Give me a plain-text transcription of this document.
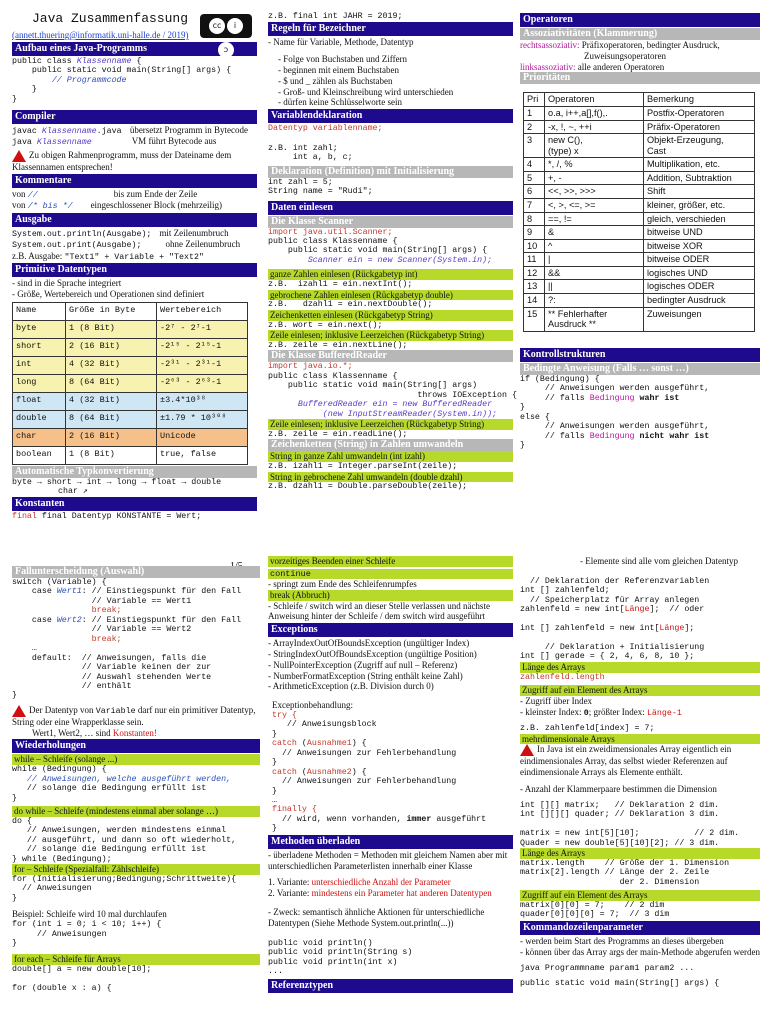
Java Zusammenfassung
(annett.thuering@informatik.uni-halle.de / 2019)
Aufbau eines Java-Programms
public class Klassenname {
public static void main(String[] args) {
// Programmcode
}
}
Compiler
javac Klassenname.java übersetzt Programm in Bytecode
java Klassenname	VM führt Bytecode aus
Zu obigen Rahmenprogramm, muss der Dateiname dem Klassennamen entsprechen!
Kommentare
von //	bis zum Ende der Zeile
von /* bis */ eingeschlossener Block (mehrzeilig)
Ausgabe
System.out.println(Ausgabe); mit Zeilenumbruch
System.out.print(Ausgabe);	ohne Zeilenumbruch
z.B. Ausgabe: "Text1" + Variable + "Text2"
Primitive Datentypen
- sind in die Sprache integriert
- Größe, Wertebereich und Operationen sind definiert
Name	Größe in Byte	Wertebereich
byte	1 (8 Bit)	-2⁷ - 2⁷-1
short	2 (16 Bit)	-2¹⁵ - 2¹⁵-1
int	4 (32 Bit)	-2³¹ - 2³¹-1
long	8 (64 Bit)	-2⁶³ - 2⁶³-1
float	4 (32 Bit)	±3.4*10³⁸
double	8 (64 Bit)	±1.79 * 10³⁰⁸
char	2 (16 Bit)	Unicode
boolean	1 (8 Bit)	true, false
Automatische Typkonvertierung
byte → short → int → long → float → double
char ↗
Konstanten
final final Datentyp KONSTANTE = Wert;
cc iↄ
z.B. final int JAHR = 2019;
Regeln für Bezeichner
- Name für Variable, Methode, Datentyp
- Folge von Buchstaben und Ziffern
- beginnen mit einem Buchstaben
- $ und _ zählen als Buchstaben
- Groß- und Kleinschreibung wird unterschieden
- dürfen keine Schlüsselworte sein
Variablendeklaration
Datentyp variablenname;
z.B. int zahl;
int a, b, c;
Deklaration (Definition) mit Initialisierung
int zahl = 5;
String name = "Rudi";
Daten einlesen
Die Klasse Scanner
import java.util.Scanner;
public class Klassenname {
public static void main(String[] args) {
Scanner ein = new Scanner(System.in);
ganze Zahlen einlesen (Rückgabetyp int)
z.B.  izahl1 = ein.nextInt();
gebrochene Zahlen einlesen (Rückgabetyp double)
z.B.   dzahl1 = ein.nextDouble();
Zeichenketten einlesen (Rückgabetyp String)
z.B. wort = ein.next();
Zeile einlesen; inklusive Leerzeichen (Rückgabetyp String)
z.B. zeile = ein.nextLine();
Die Klasse BufferedReader
import java.io.*;
public class Klassenname {
public static void main(String[] args)
throws IOException {
BufferedReader ein = new BufferedReader
(new InputStreamReader(System.in));
Zeile einlesen; inklusive Leerzeichen (Rückgabetyp String)
z.B. zeile = ein.readLine();
Zeichenketten (String) in Zahlen umwandeln
String in ganze Zahl umwandeln (int izahl)
z.B. izahl1 = Integer.parseInt(zeile);
String in gebrochene Zahl umwandeln (double dzahl)
z.B. dzahl1 = Double.parseDouble(zeile);
Operatoren
Assoziativitäten (Klammerung)
rechtsassoziativ: Präfixoperatoren, bedingter Ausdruck,
Zuweisungsoperatoren
linksassoziativ: alle anderen Operatoren
Prioritäten
Pri	Operatoren	Bemerkung
1	o.a, i++,a[],f(),.	Postfix-Operatoren
2	-x, !, ~, ++i	Präfix-Operatoren
3	new C(),
(type) x	Objekt-Erzeugung,
Cast
4	*, /, %	Multiplikation, etc.
5	+, -	Addition, Subtraktion
6	<<, >>, >>>	Shift
7	<, >, <=, >=	kleiner, größer, etc.
8	==, !=	gleich, verschieden
9	&	bitweise UND
10	^	bitweise XOR
11	|	bitweise ODER
12	&&	logisches UND
13	||	logisches ODER
14	?:	bedingter Ausdruck
15	** Fehlerhafter
Ausdruck **	Zuweisungen
Kontrollstrukturen
Bedingte Anweisung (Falls … sonst …)
if (Bedingung) {
// Anweisungen werden ausgeführt,
// falls Bedingung wahr ist
}
else {
// Anweisungen werden ausgeführt,
// falls Bedingung nicht wahr ist
}
Fallunterscheidung (Auswahl)
switch (Variable) {
case Wert1: // Einstiegspunkt für den Fall
// Variable == Wert1
break;
case Wert2: // Einstiegspunkt für den Fall
// Variable == Wert2
break;
…
default:  // Anweisungen, falls die
// Variable keinen der zur
// Auswahl stehenden Werte
// enthält
}
Der Datentyp von Variable darf nur ein primitiver Datentyp, String oder eine Wrapperklasse sein.
Wert1, Wert2, … sind Konstanten!
Wiederholungen
while – Schleife (solange ...)
while (Bedingung) {
// Anweisungen, welche ausgeführt werden,
// solange die Bedingung erfüllt ist
}
do while – Schleife (mindestens einmal aber solange …)
do {
// Anweisungen, werden mindestens einmal
// ausgeführt, und dann so oft wiederholt,
// solange die Bedingung erfüllt ist
} while (Bedingung);
for – Schleife (Spezialfall: Zählschleife)
for (Initialisierung;Bedingung;Schrittweite){
// Anweisungen
}
Beispiel: Schleife wird 10 mal durchlaufen
for (int i = 0; i < 10; i++) {
// Anweisungen
}
for each – Schleife für Arrays
double[] a = new double[10];

for (double x : a) {
vorzeitiges Beenden einer Schleife
continue
- springt zum Ende des Schleifenrumpfes
break (Abbruch)
- Schleife / switch wird an dieser Stelle verlassen und nächste Anweisung hinter der Schleife / dem switch wird ausgeführt
Exceptions
- ArrayIndexOutOfBoundsException (ungültiger Index)
- StringIndexOutOfBoundsException (ungültige Position)
- NullPointerException (Zugriff auf null – Referenz)
- NumberFormatException (String enthält keine Zahl)
- ArithmeticException (z.B. Division durch 0)
Exceptionbehandlung:
try {
// Anweisungsblock
}
catch (Ausnahme1) {
// Anweisungen zur Fehlerbehandlung
}
catch (Ausnahme2) {
// Anweisungen zur Fehlerbehandlung
}
…
finally {
// wird, wenn vorhanden, immer ausgeführt
}
Methoden überladen
- überladene Methoden = Methoden mit gleichem Namen aber mit unterschiedlichen Parameterlisten innerhalb einer Klasse
1. Variante: unterschiedliche Anzahl der Parameter
2. Variante: mindestens ein Parameter hat anderen Datentypen
- Zweck: semantisch ähnliche Aktionen für unterschiedliche Datentypen (Siehe Methode System.out.println(...))
public void println()
public void println(String s)
public void println(int x)
...
Referenztypen
- Elemente sind alle vom gleichen Datentyp
// Deklaration der Referenzvariablen
int [] zahlenfeld;
// Speicherplatz für Array anlegen
zahlenfeld = new int[Länge];  // oder

int [] zahlenfeld = new int[Länge];

// Deklaration + Initialisierung
int [] gerade = { 2, 4, 6, 8, 10 };
Länge des Arrays
zahlenfeld.length
Zugriff auf ein Element des Arrays
- Zugriff über Index
- kleinster Index: 0; größter Index: Länge-1
z.B. zahlenfeld[index] = 7;
mehrdimensionale Arrays
In Java ist ein zweidimensionales Array eigentlich ein eindimensionales Array, das selbst wieder Referenzen auf eindimensionale Arrays als Elemente enthält.
- Anzahl der Klammerpaare bestimmen die Dimension
int [][] matrix;   // Deklaration 2 dim.
int [][][] quader; // Deklaration 3 dim.

matrix = new int[5][10];           // 2 dim.
Quader = new double[5][10][2]; // 3 dim.
Länge des Arrays
matrix.length    // Größe der 1. Dimension
matrix[2].length // Länge der 2. Zeile
der 2. Dimension
Zugriff auf ein Element des Arrays
matrix[0][0] = 7;    // 2 dim
quader[0][0][0] = 7;  // 3 dim
Kommandozeilenparameter
- werden beim Start des Programms an dieses übergeben
- können über das Array args der main-Methode abgerufen werden
java Programmname param1 param2 ...
public static void main(String[] args) {
